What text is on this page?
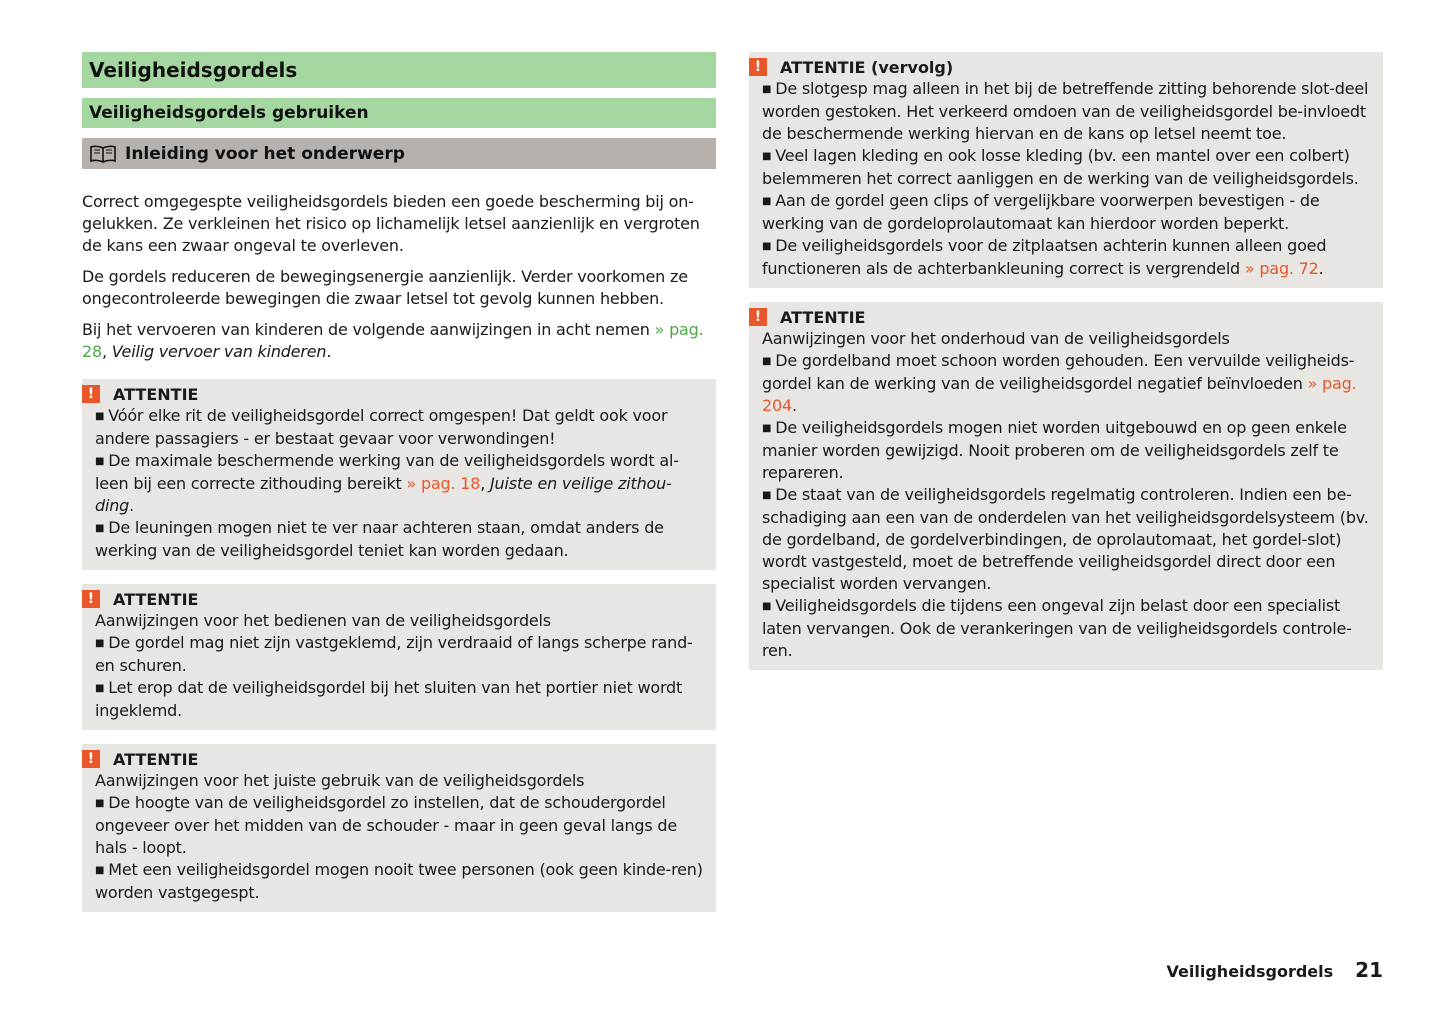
Veiligheidsgordels
Veiligheidsgordels gebruiken
Inleiding voor het onderwerp

Correct omgegespte veiligheidsgordels bieden een goede bescherming bij on-gelukken. Ze verkleinen het risico op lichamelijk letsel aanzienlijk en vergroten de kans een zwaar ongeval te overleven.

De gordels reduceren de bewegingsenergie aanzienlijk. Verder voorkomen ze ongecontroleerde bewegingen die zwaar letsel tot gevolg kunnen hebben.

Bij het vervoeren van kinderen de volgende aanwijzingen in acht nemen » pag. 28, Veilig vervoer van kinderen.

!	ATTENTIE

■ Vóór elke rit de veiligheidsgordel correct omgespen! Dat geldt ook voor andere passagiers - er bestaat gevaar voor verwondingen!

■ De maximale beschermende werking van de veiligheidsgordels wordt al-leen bij een correcte zithouding bereikt » pag. 18, Juiste en veilige zithou-ding.

■ De leuningen mogen niet te ver naar achteren staan, omdat anders de werking van de veiligheidsgordel teniet kan worden gedaan.

!	ATTENTIE

Aanwijzingen voor het bedienen van de veiligheidsgordels

■ De gordel mag niet zijn vastgeklemd, zijn verdraaid of langs scherpe rand-en schuren.

■ Let erop dat de veiligheidsgordel bij het sluiten van het portier niet wordt ingeklemd.

!	ATTENTIE

Aanwijzingen voor het juiste gebruik van de veiligheidsgordels

■ De hoogte van de veiligheidsgordel zo instellen, dat de schoudergordel ongeveer over het midden van de schouder - maar in geen geval langs de hals - loopt.

■ Met een veiligheidsgordel mogen nooit twee personen (ook geen kinde-ren) worden vastgegespt.

!	ATTENTIE (vervolg)

■ De slotgesp mag alleen in het bij de betreffende zitting behorende slot-deel worden gestoken. Het verkeerd omdoen van de veiligheidsgordel be-invloedt de beschermende werking hiervan en de kans op letsel neemt toe.

■ Veel lagen kleding en ook losse kleding (bv. een mantel over een colbert) belemmeren het correct aanliggen en de werking van de veiligheidsgordels.

■ Aan de gordel geen clips of vergelijkbare voorwerpen bevestigen - de werking van de gordeloprolautomaat kan hierdoor worden beperkt.

■ De veiligheidsgordels voor de zitplaatsen achterin kunnen alleen goed functioneren als de achterbankleuning correct is vergrendeld » pag. 72.

!	ATTENTIE

Aanwijzingen voor het onderhoud van de veiligheidsgordels

■ De gordelband moet schoon worden gehouden. Een vervuilde veiligheids-gordel kan de werking van de veiligheidsgordel negatief beïnvloeden » pag. 204.

■ De veiligheidsgordels mogen niet worden uitgebouwd en op geen enkele manier worden gewijzigd. Nooit proberen om de veiligheidsgordels zelf te repareren.

■ De staat van de veiligheidsgordels regelmatig controleren. Indien een be-schadiging aan een van de onderdelen van het veiligheidsgordelsysteem (bv. de gordelband, de gordelverbindingen, de oprolautomaat, het gordel-slot) wordt vastgesteld, moet de betreffende veiligheidsgordel direct door een specialist worden vervangen.

■ Veiligheidsgordels die tijdens een ongeval zijn belast door een specialist laten vervangen. Ook de verankeringen van de veiligheidsgordels controle-ren.

Veiligheidsgordels 21
